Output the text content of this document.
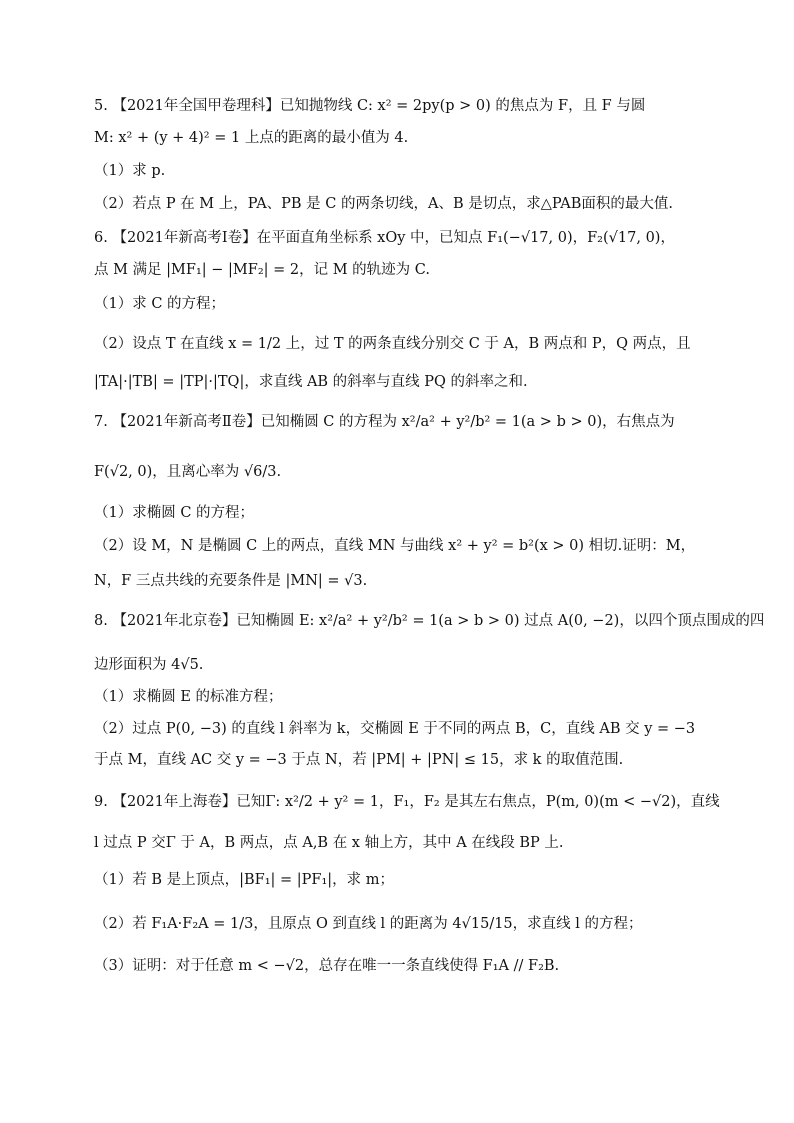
5. 【2021年全国甲卷理科】已知抛物线 C: x² = 2py(p > 0) 的焦点为 F，且 F 与圆
M: x² + (y + 4)² = 1 上点的距离的最小值为 4.
（1）求 p.
（2）若点 P 在 M 上，PA、PB 是 C 的两条切线，A、B 是切点，求△PAB面积的最大值.
6. 【2021年新高考Ⅰ卷】在平面直角坐标系 xOy 中，已知点 F₁(−√17, 0)，F₂(√17, 0)，
点 M 满足 |MF₁| − |MF₂| = 2，记 M 的轨迹为 C.
（1）求 C 的方程；
（2）设点 T 在直线 x = 1/2 上，过 T 的两条直线分别交 C 于 A，B 两点和 P，Q 两点，且
|TA|·|TB| = |TP|·|TQ|，求直线 AB 的斜率与直线 PQ 的斜率之和.
7. 【2021年新高考Ⅱ卷】已知椭圆 C 的方程为 x²/a² + y²/b² = 1(a > b > 0)，右焦点为
F(√2, 0)，且离心率为 √6/3.
（1）求椭圆 C 的方程；
（2）设 M，N 是椭圆 C 上的两点，直线 MN 与曲线 x² + y² = b²(x > 0) 相切.证明：M，
N，F 三点共线的充要条件是 |MN| = √3.
8. 【2021年北京卷】已知椭圆 E: x²/a² + y²/b² = 1(a > b > 0) 过点 A(0, −2)，以四个顶点围成的四
边形面积为 4√5.
（1）求椭圆 E 的标准方程；
（2）过点 P(0, −3) 的直线 l 斜率为 k，交椭圆 E 于不同的两点 B，C，直线 AB 交 y = −3
于点 M，直线 AC 交 y = −3 于点 N，若 |PM| + |PN| ≤ 15，求 k 的取值范围.
9. 【2021年上海卷】已知Γ: x²/2 + y² = 1，F₁，F₂ 是其左右焦点，P(m, 0)(m < −√2)，直线
l 过点 P 交Γ 于 A，B 两点，点 A,B 在 x 轴上方，其中 A 在线段 BP 上.
（1）若 B 是上顶点，|BF₁| = |PF₁|，求 m；
（2）若 F₁A·F₂A = 1/3，且原点 O 到直线 l 的距离为 4√15/15，求直线 l 的方程；
（3）证明：对于任意 m < −√2，总存在唯一一条直线使得 F₁A // F₂B.
